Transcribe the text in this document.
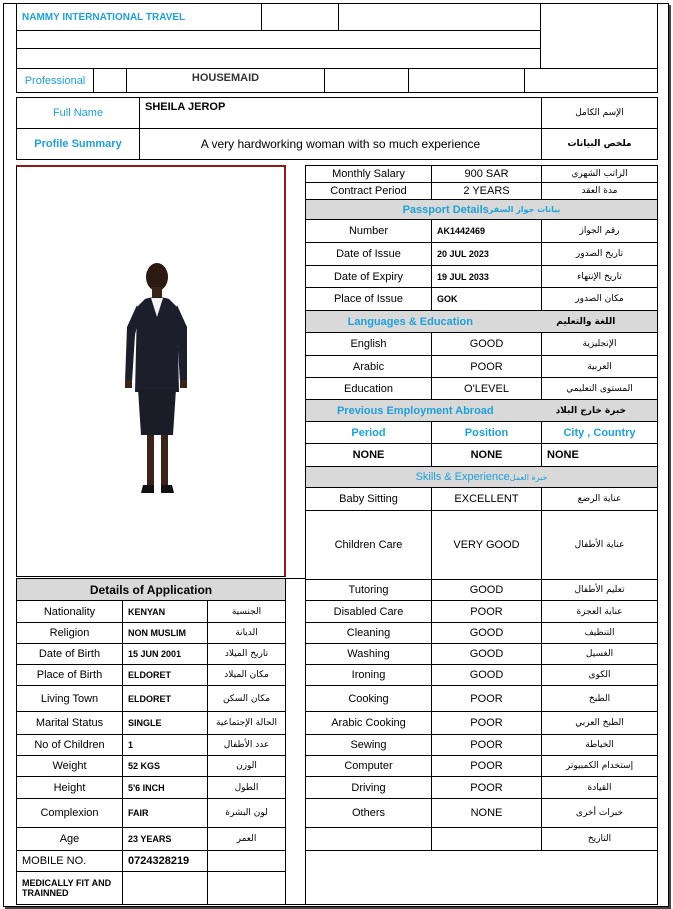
NAMMY INTERNATIONAL TRAVEL
Professional	HOUSEMAID
Full Name	SHEILA JEROP	الإسم الكامل
Profile Summary	A very hardworking woman with so much experience	ملخص البيانات
Monthly Salary	900 SAR	الراتب الشهري
Contract Period	2 YEARS	مدة العقد
Passport Details بيانات جواز السفر
Number	AK1442469	رقم الجواز
Date of Issue	20 JUL 2023	تاريخ الصدور
Date of Expiry	19 JUL 2033	تاريخ الإنتهاء
Place of Issue	GOK	مكان الصدور
Languages & Education	اللغة والتعليم
English	GOOD	الإنجليزية
Arabic	POOR	العربية
Education	O'LEVEL	المستوى التعليمي
Previous Employment Abroad	خبرة خارج البلاد
Period	Position	City , Country
NONE	NONE	NONE
Skills & Experience خبرة العمل
Baby Sitting	EXCELLENT	عناية الرضع
Children Care	VERY GOOD	عناية الأطفال
Tutoring	GOOD	تعليم الأطفال
Disabled Care	POOR	عناية العجزة
Cleaning	GOOD	التنظيف
Washing	GOOD	الغسيل
Ironing	GOOD	الكوى
Cooking	POOR	الطبخ
Arabic Cooking	POOR	الطبخ العربي
Sewing	POOR	الخياطة
Computer	POOR	إستخدام الكمبيوتر
Driving	POOR	القيادة
Others	NONE	خبرات أخرى
التاريخ
Details of Application
Nationality	KENYAN	الجنسية
Religion	NON MUSLIM	الديانة
Date of Birth	15 JUN 2001	تاريخ الميلاد
Place of Birth	ELDORET	مكان الميلاد
Living Town	ELDORET	مكان السكن
Marital Status	SINGLE	الحالة الإجتماعية
No of Children	1	عدد الأطفال
Weight	52 KGS	الوزن
Height	5'6 INCH	الطول
Complexion	FAIR	لون البشرة
Age	23 YEARS	العمر
MOBILE NO.	0724328219
MEDICALLY FIT AND TRAINNED
